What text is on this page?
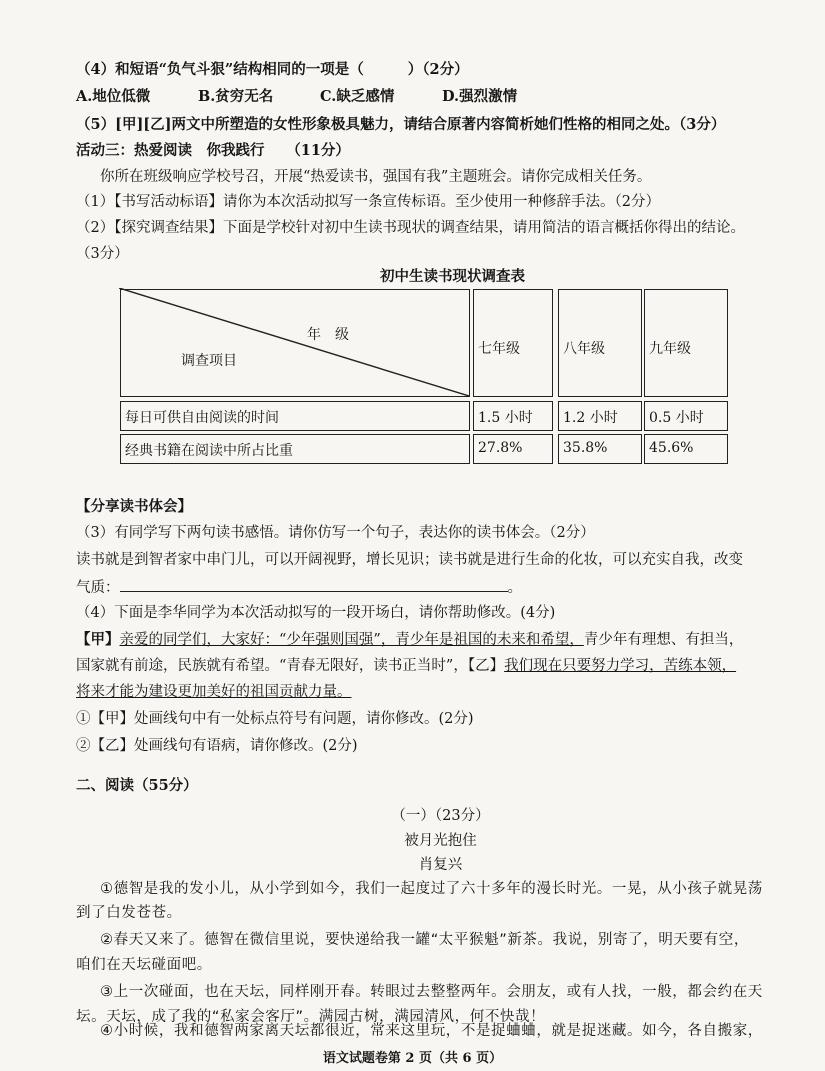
（4）和短语“负气斗狠”结构相同的一项是（	）（2分）
A.地位低微	B.贫穷无名	C.缺乏感情	D.强烈激情
（5）[甲][乙]两文中所塑造的女性形象极具魅力，请结合原著内容简析她们性格的相同之处。（3分）
活动三：热爱阅读　你我践行　　（11分）
你所在班级响应学校号召，开展“热爱读书，强国有我”主题班会。请你完成相关任务。
（1）【书写活动标语】请你为本次活动拟写一条宣传标语。至少使用一种修辞手法。（2分）
（2）【探究调查结果】下面是学校针对初中生读书现状的调查结果，请用简洁的语言概括你得出的结论。
（3分）
初中生读书现状调查表
年　级
调查项目
七年级	八年级	九年级
每日可供自由阅读的时间	1.5 小时 1.2 小时 0.5 小时
经典书籍在阅读中所占比重	27.8%	35.8%	45.6%
【分享读书体会】
（3）有同学写下两句读书感悟。请你仿写一个句子，表达你的读书体会。（2分）
读书就是到智者家中串门儿，可以开阔视野，增长见识；读书就是进行生命的化妆，可以充实自我，改变
气质：	。
（4）下面是李华同学为本次活动拟写的一段开场白，请你帮助修改。(4分)
【甲】亲爱的同学们，大家好：“少年强则国强”，青少年是祖国的未来和希望，青少年有理想、有担当，
国家就有前途，民族就有希望。“青春无限好，读书正当时”，【乙】我们现在只要努力学习，苦练本领，
将来才能为建设更加美好的祖国贡献力量。
①【甲】处画线句中有一处标点符号有问题，请你修改。(2分)
②【乙】处画线句有语病，请你修改。(2分)
二、阅读（55分）
（一）（23分）
被月光抱住
肖复兴
①德智是我的发小儿，从小学到如今，我们一起度过了六十多年的漫长时光。一晃，从小孩子就晃荡
到了白发苍苍。
②春天又来了。德智在微信里说，要快递给我一罐“太平猴魁”新茶。我说，别寄了，明天要有空，
咱们在天坛碰面吧。
③上一次碰面，也在天坛，同样刚开春。转眼过去整整两年。会朋友，或有人找，一般，都会约在天
坛。天坛，成了我的“私家会客厅”。满园古树，满园清风，何不快哉！
④小时候，我和德智两家离天坛都很近，常来这里玩，不是捉蛐蛐，就是捉迷藏。如今，各自搬家，
语文试题卷第 2 页（共 6 页）
